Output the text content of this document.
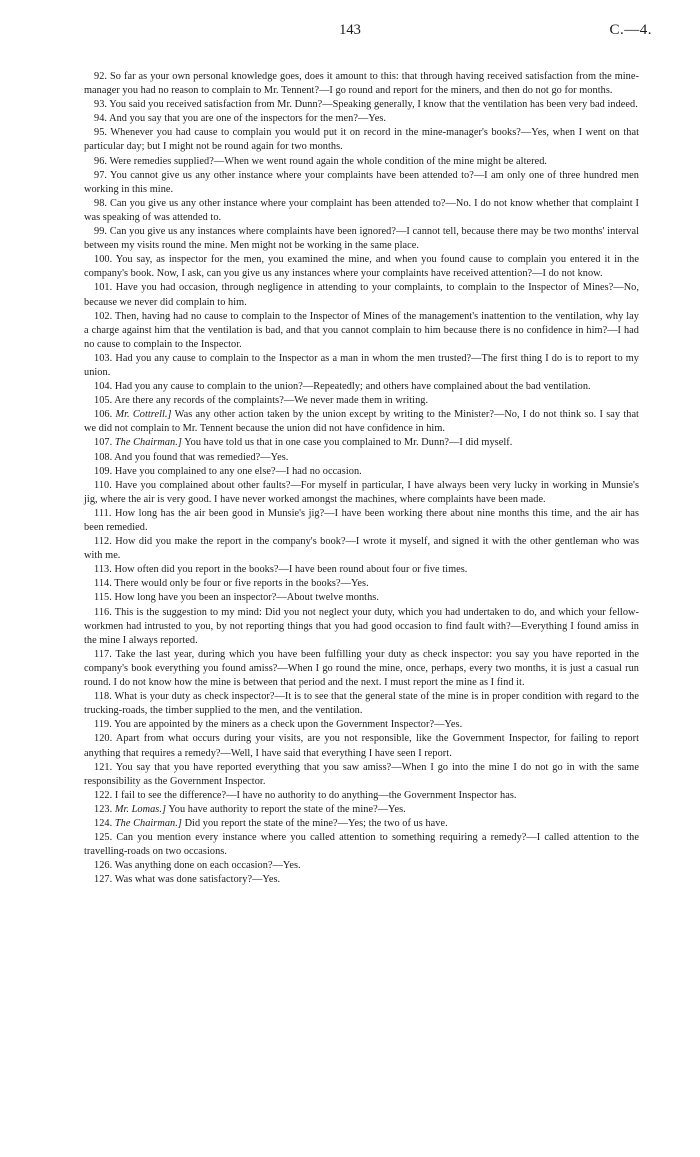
143	C.—4.

92. So far as your own personal knowledge goes, does it amount to this: that through having received satisfaction from the mine-manager you had no reason to complain to Mr. Tennent?—I go round and report for the miners, and then do not go for months.

93. You said you received satisfaction from Mr. Dunn?—Speaking generally, I know that the ventilation has been very bad indeed.

94. And you say that you are one of the inspectors for the men?—Yes.

95. Whenever you had cause to complain you would put it on record in the mine-manager's books?—Yes, when I went on that particular day; but I might not be round again for two months.

96. Were remedies supplied?—When we went round again the whole condition of the mine might be altered.

97. You cannot give us any other instance where your complaints have been attended to?—I am only one of three hundred men working in this mine.

98. Can you give us any other instance where your complaint has been attended to?—No. I do not know whether that complaint I was speaking of was attended to.

99. Can you give us any instances where complaints have been ignored?—I cannot tell, because there may be two months' interval between my visits round the mine. Men might not be working in the same place.

100. You say, as inspector for the men, you examined the mine, and when you found cause to complain you entered it in the company's book. Now, I ask, can you give us any instances where your complaints have received attention?—I do not know.

101. Have you had occasion, through negligence in attending to your complaints, to complain to the Inspector of Mines?—No, because we never did complain to him.

102. Then, having had no cause to complain to the Inspector of Mines of the management's inattention to the ventilation, why lay a charge against him that the ventilation is bad, and that you cannot complain to him because there is no confidence in him?—I had no cause to complain to the Inspector.

103. Had you any cause to complain to the Inspector as a man in whom the men trusted?—The first thing I do is to report to my union.

104. Had you any cause to complain to the union?—Repeatedly; and others have complained about the bad ventilation.

105. Are there any records of the complaints?—We never made them in writing.

106. Mr. Cottrell.] Was any other action taken by the union except by writing to the Minister?—No, I do not think so. I say that we did not complain to Mr. Tennent because the union did not have confidence in him.

107. The Chairman.] You have told us that in one case you complained to Mr. Dunn?—I did myself.

108. And you found that was remedied?—Yes.

109. Have you complained to any one else?—I had no occasion.

110. Have you complained about other faults?—For myself in particular, I have always been very lucky in working in Munsie's jig, where the air is very good. I have never worked amongst the machines, where complaints have been made.

111. How long has the air been good in Munsie's jig?—I have been working there about nine months this time, and the air has been remedied.

112. How did you make the report in the company's book?—I wrote it myself, and signed it with the other gentleman who was with me.

113. How often did you report in the books?—I have been round about four or five times.

114. There would only be four or five reports in the books?—Yes.

115. How long have you been an inspector?—About twelve months.

116. This is the suggestion to my mind: Did you not neglect your duty, which you had undertaken to do, and which your fellow-workmen had intrusted to you, by not reporting things that you had good occasion to find fault with?—Everything I found amiss in the mine I always reported.

117. Take the last year, during which you have been fulfilling your duty as check inspector: you say you have reported in the company's book everything you found amiss?—When I go round the mine, once, perhaps, every two months, it is just a casual run round. I do not know how the mine is between that period and the next. I must report the mine as I find it.

118. What is your duty as check inspector?—It is to see that the general state of the mine is in proper condition with regard to the trucking-roads, the timber supplied to the men, and the ventilation.

119. You are appointed by the miners as a check upon the Government Inspector?—Yes.

120. Apart from what occurs during your visits, are you not responsible, like the Government Inspector, for failing to report anything that requires a remedy?—Well, I have said that everything I have seen I report.

121. You say that you have reported everything that you saw amiss?—When I go into the mine I do not go in with the same responsibility as the Government Inspector.

122. I fail to see the difference?—I have no authority to do anything—the Government Inspector has.

123. Mr. Lomas.] You have authority to report the state of the mine?—Yes.

124. The Chairman.] Did you report the state of the mine?—Yes; the two of us have.

125. Can you mention every instance where you called attention to something requiring a remedy?—I called attention to the travelling-roads on two occasions.

126. Was anything done on each occasion?—Yes.

127. Was what was done satisfactory?—Yes.
